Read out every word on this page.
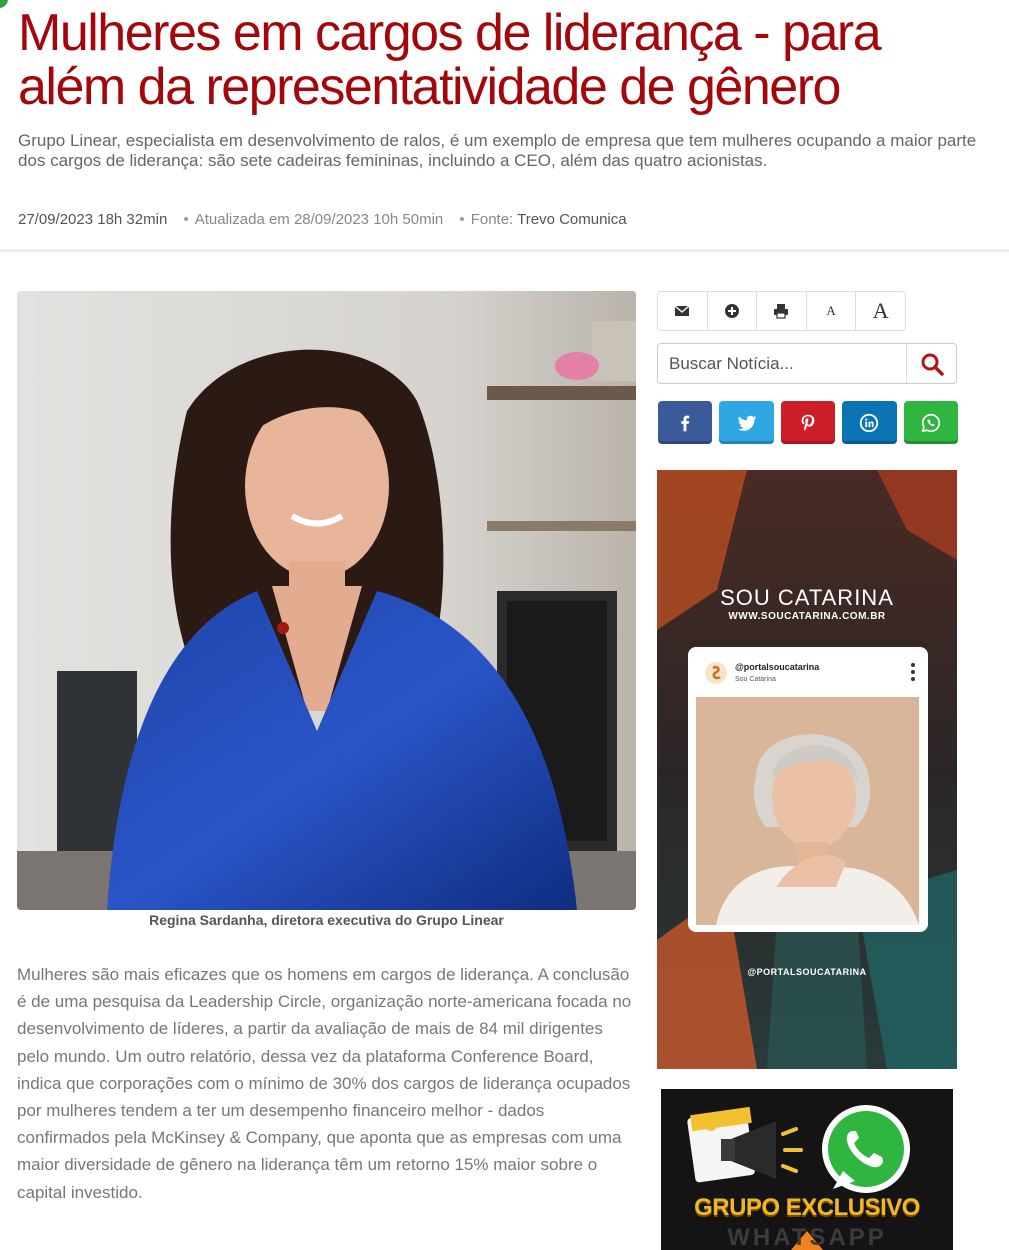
Mulheres em cargos de liderança - para além da representatividade de gênero

Grupo Linear, especialista em desenvolvimento de ralos, é um exemplo de empresa que tem mulheres ocupando a maior parte dos cargos de liderança: são sete cadeiras femininas, incluindo a CEO, além das quatro acionistas.

27/09/2023 18h 32min • Atualizada em 28/09/2023 10h 50min • Fonte: Trevo Comunica

Regina Sardanha, diretora executiva do Grupo Linear

Mulheres são mais eficazes que os homens em cargos de liderança. A conclusão é de uma pesquisa da Leadership Circle, organização norte-americana focada no desenvolvimento de líderes, a partir da avaliação de mais de 84 mil dirigentes pelo mundo. Um outro relatório, dessa vez da plataforma Conference Board, indica que corporações com o mínimo de 30% dos cargos de liderança ocupados por mulheres tendem a ter um desempenho financeiro melhor - dados confirmados pela McKinsey & Company, que aponta que as empresas com uma maior diversidade de gênero na liderança têm um retorno 15% maior sobre o capital investido.

A	A
Buscar Notícia...
SOU CATARINA
WWW.SOUCATARINA.COM.BR
@portalsoucatarina
Sou Catarina
@PORTALSOUCATARINA
GRUPO EXCLUSIVO
WHATSAPP
